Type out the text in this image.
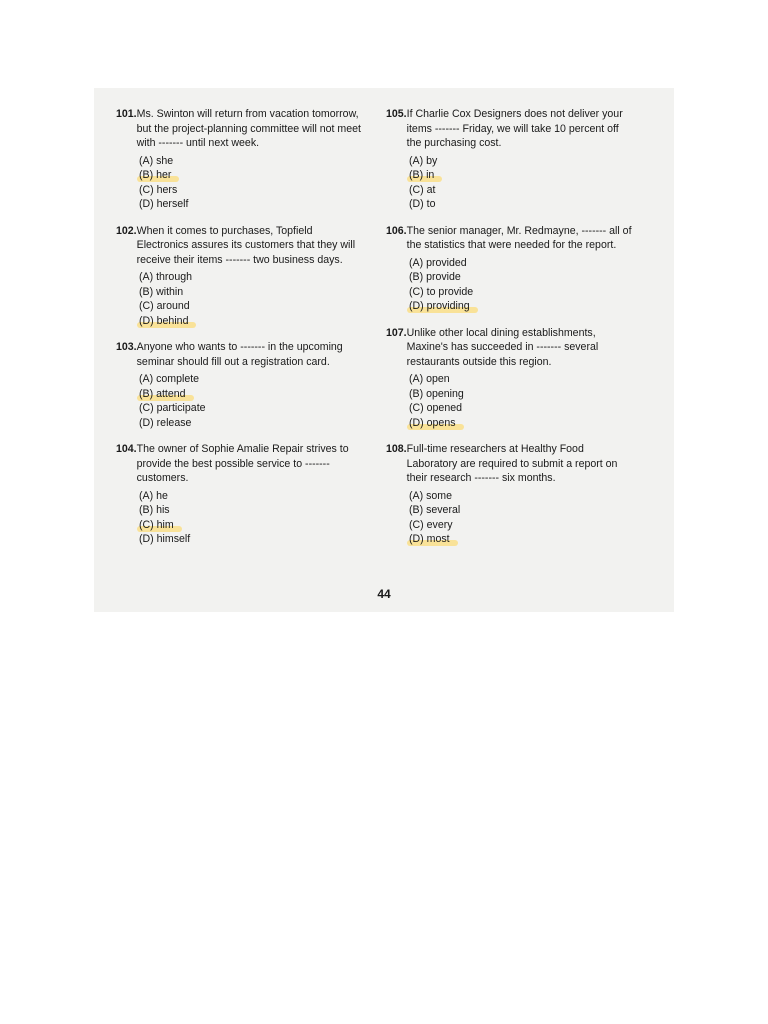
101. Ms. Swinton will return from vacation tomorrow, but the project-planning committee will not meet with ------- until next week.
(A) she
(B) her
(C) hers
(D) herself
102. When it comes to purchases, Topfield Electronics assures its customers that they will receive their items ------- two business days.
(A) through
(B) within
(C) around
(D) behind
103. Anyone who wants to ------- in the upcoming seminar should fill out a registration card.
(A) complete
(B) attend
(C) participate
(D) release
104. The owner of Sophie Amalie Repair strives to provide the best possible service to ------- customers.
(A) he
(B) his
(C) him
(D) himself
105. If Charlie Cox Designers does not deliver your items ------- Friday, we will take 10 percent off the purchasing cost.
(A) by
(B) in
(C) at
(D) to
106. The senior manager, Mr. Redmayne, ------- all of the statistics that were needed for the report.
(A) provided
(B) provide
(C) to provide
(D) providing
107. Unlike other local dining establishments, Maxine's has succeeded in ------- several restaurants outside this region.
(A) open
(B) opening
(C) opened
(D) opens
108. Full-time researchers at Healthy Food Laboratory are required to submit a report on their research ------- six months.
(A) some
(B) several
(C) every
(D) most
44
